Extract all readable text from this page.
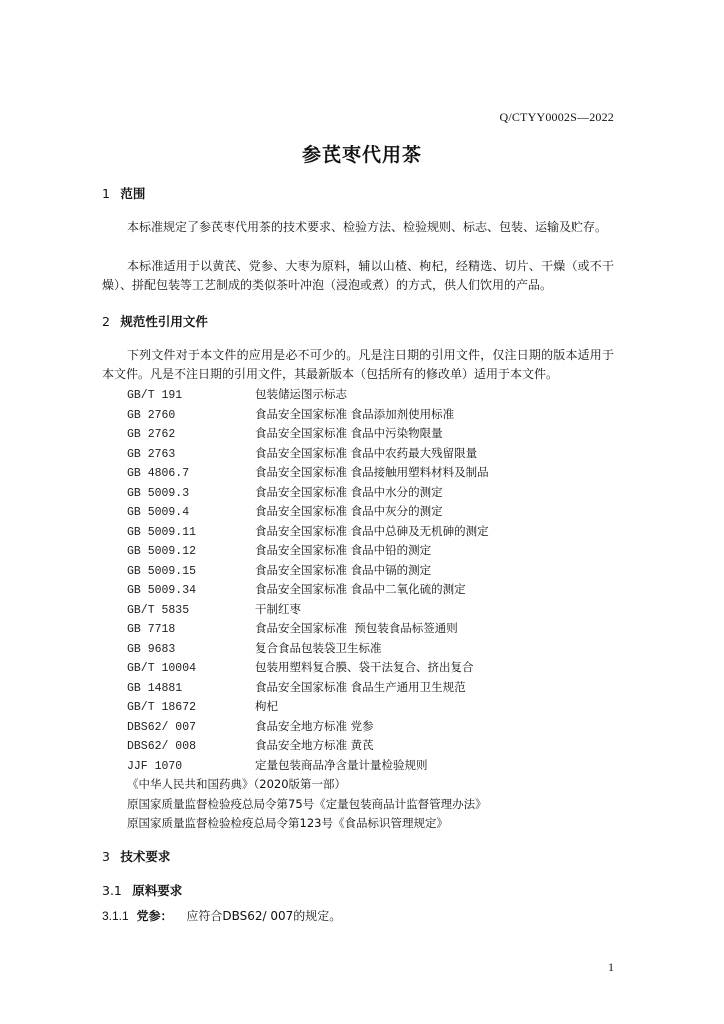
Q/CTYY0002S—2022
参芪枣代用茶
1 范围
本标准规定了参芪枣代用茶的技术要求、检验方法、检验规则、标志、包装、运输及贮存。
本标准适用于以黄芪、党参、大枣为原料，辅以山楂、枸杞，经精选、切片、干燥（或不干燥）、拼配包装等工艺制成的类似茶叶冲泡（浸泡或煮）的方式，供人们饮用的产品。
2 规范性引用文件
下列文件对于本文件的应用是必不可少的。凡是注日期的引用文件，仅注日期的版本适用于本文件。凡是不注日期的引用文件，其最新版本（包括所有的修改单）适用于本文件。
GB/T 191	包装储运图示标志
GB 2760	食品安全国家标准 食品添加剂使用标准
GB 2762	食品安全国家标准 食品中污染物限量
GB 2763	食品安全国家标准 食品中农药最大残留限量
GB 4806.7	食品安全国家标准 食品接触用塑料材料及制品
GB 5009.3	食品安全国家标准 食品中水分的测定
GB 5009.4	食品安全国家标准 食品中灰分的测定
GB 5009.11	食品安全国家标准 食品中总砷及无机砷的测定
GB 5009.12	食品安全国家标准 食品中铅的测定
GB 5009.15	食品安全国家标准 食品中镉的测定
GB 5009.34	食品安全国家标准 食品中二氧化硫的测定
GB/T 5835	干制红枣
GB 7718	食品安全国家标准  预包装食品标签通则
GB 9683	复合食品包装袋卫生标准
GB/T 10004	包装用塑料复合膜、袋干法复合、挤出复合
GB 14881	食品安全国家标准 食品生产通用卫生规范
GB/T 18672	枸杞
DBS62/ 007	食品安全地方标准 党参
DBS62/ 008	食品安全地方标准 黄芪
JJF 1070	定量包装商品净含量计量检验规则
《中华人民共和国药典》（2020版第一部）
原国家质量监督检验疫总局令第75号《定量包装商品计监督管理办法》
原国家质量监督检验检疫总局令第123号《食品标识管理规定》
3 技术要求
3.1 原料要求
3.1.1 党参： 应符合DBS62/ 007的规定。
1
